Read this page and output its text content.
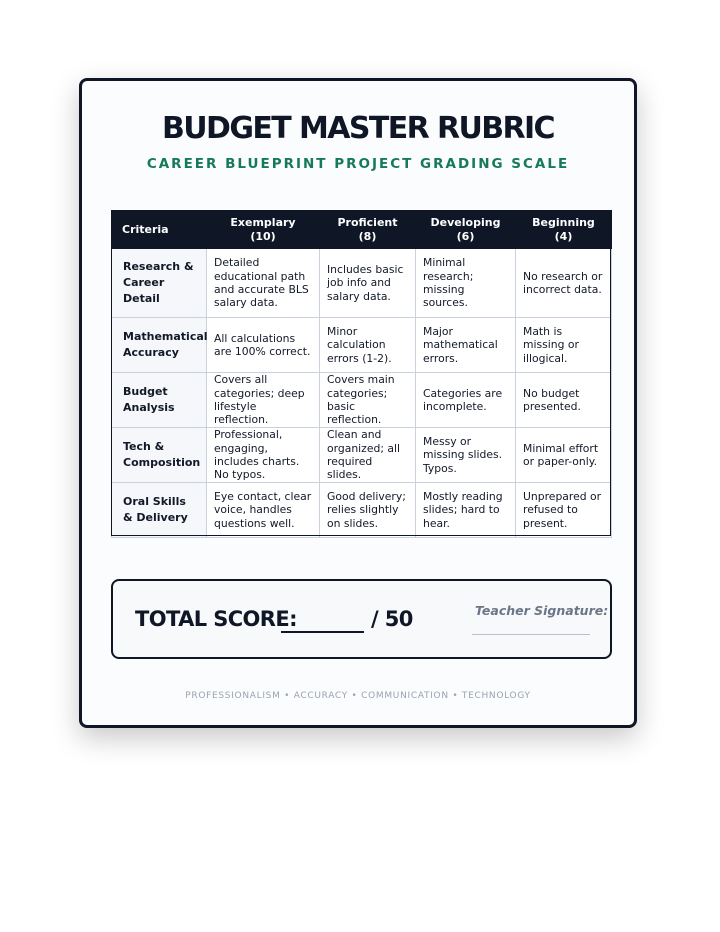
BUDGET MASTER RUBRIC
CAREER BLUEPRINT PROJECT GRADING SCALE
Criteria	Exemplary (10)	Proficient (8)	Developing (6)	Beginning (4)
Research & Career Detail	Detailed educational path and accurate BLS salary data.	Includes basic job info and salary data.	Minimal research; missing sources.	No research or incorrect data.
Mathematical Accuracy	All calculations are 100% correct.	Minor calculation errors (1-2).	Major mathematical errors.	Math is missing or illogical.
Budget Analysis	Covers all categories; deep lifestyle reflection.	Covers main categories; basic reflection.	Categories are incomplete.	No budget presented.
Tech & Composition	Professional, engaging, includes charts. No typos.	Clean and organized; all required slides.	Messy or missing slides. Typos.	Minimal effort or paper-only.
Oral Skills & Delivery	Eye contact, clear voice, handles questions well.	Good delivery; relies slightly on slides.	Mostly reading slides; hard to hear.	Unprepared or refused to present.
TOTAL SCORE:	/ 50	Teacher Signature:
PROFESSIONALISM • ACCURACY • COMMUNICATION • TECHNOLOGY
